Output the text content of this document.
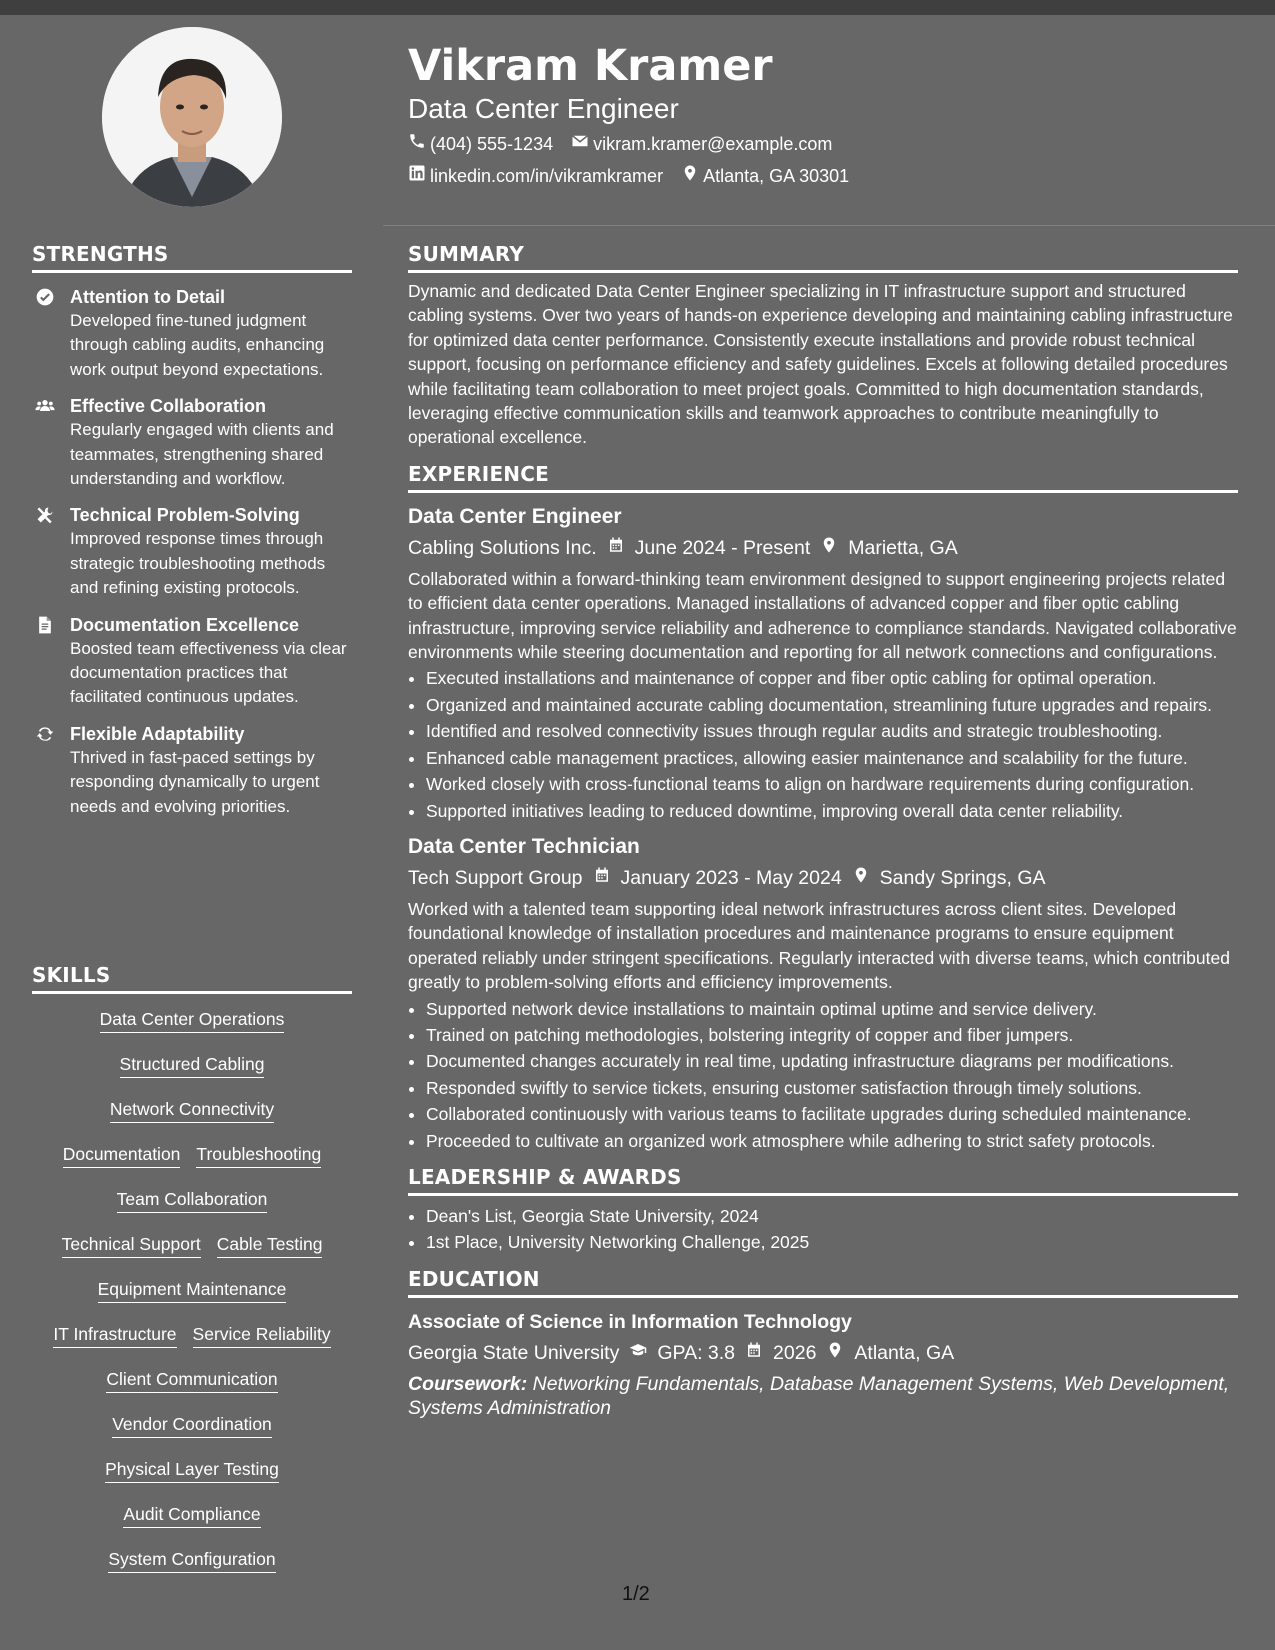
Vikram Kramer
Data Center Engineer
(404) 555-1234 vikram.kramer@example.com
linkedin.com/in/vikramkramer Atlanta, GA 30301
STRENGTHS
Attention to Detail
Developed fine-tuned judgment through cabling audits, enhancing work output beyond expectations.
Effective Collaboration
Regularly engaged with clients and teammates, strengthening shared understanding and workflow.
Technical Problem-Solving
Improved response times through strategic troubleshooting methods and refining existing protocols.
Documentation Excellence
Boosted team effectiveness via clear documentation practices that facilitated continuous updates.
Flexible Adaptability
Thrived in fast-paced settings by responding dynamically to urgent needs and evolving priorities.
SKILLS
Data Center Operations
Structured Cabling
Network Connectivity
Documentation Troubleshooting
Team Collaboration
Technical Support Cable Testing
Equipment Maintenance
IT Infrastructure Service Reliability
Client Communication
Vendor Coordination
Physical Layer Testing
Audit Compliance
System Configuration
SUMMARY
Dynamic and dedicated Data Center Engineer specializing in IT infrastructure support and structured cabling systems. Over two years of hands-on experience developing and maintaining cabling infrastructure for optimized data center performance. Consistently execute installations and provide robust technical support, focusing on performance efficiency and safety guidelines. Excels at following detailed procedures while facilitating team collaboration to meet project goals. Committed to high documentation standards, leveraging effective communication skills and teamwork approaches to contribute meaningfully to operational excellence.
EXPERIENCE
Data Center Engineer
Cabling Solutions Inc. June 2024 - Present Marietta, GA
Collaborated within a forward-thinking team environment designed to support engineering projects related to efficient data center operations. Managed installations of advanced copper and fiber optic cabling infrastructure, improving service reliability and adherence to compliance standards. Navigated collaborative environments while steering documentation and reporting for all network connections and configurations.
• Executed installations and maintenance of copper and fiber optic cabling for optimal operation.
• Organized and maintained accurate cabling documentation, streamlining future upgrades and repairs.
• Identified and resolved connectivity issues through regular audits and strategic troubleshooting.
• Enhanced cable management practices, allowing easier maintenance and scalability for the future.
• Worked closely with cross-functional teams to align on hardware requirements during configuration.
• Supported initiatives leading to reduced downtime, improving overall data center reliability.
Data Center Technician
Tech Support Group January 2023 - May 2024 Sandy Springs, GA
Worked with a talented team supporting ideal network infrastructures across client sites. Developed foundational knowledge of installation procedures and maintenance programs to ensure equipment operated reliably under stringent specifications. Regularly interacted with diverse teams, which contributed greatly to problem-solving efforts and efficiency improvements.
• Supported network device installations to maintain optimal uptime and service delivery.
• Trained on patching methodologies, bolstering integrity of copper and fiber jumpers.
• Documented changes accurately in real time, updating infrastructure diagrams per modifications.
• Responded swiftly to service tickets, ensuring customer satisfaction through timely solutions.
• Collaborated continuously with various teams to facilitate upgrades during scheduled maintenance.
• Proceeded to cultivate an organized work atmosphere while adhering to strict safety protocols.
LEADERSHIP & AWARDS
• Dean's List, Georgia State University, 2024
• 1st Place, University Networking Challenge, 2025
EDUCATION
Associate of Science in Information Technology
Georgia State University GPA: 3.8 2026 Atlanta, GA
Coursework: Networking Fundamentals, Database Management Systems, Web Development, Systems Administration
1/2
